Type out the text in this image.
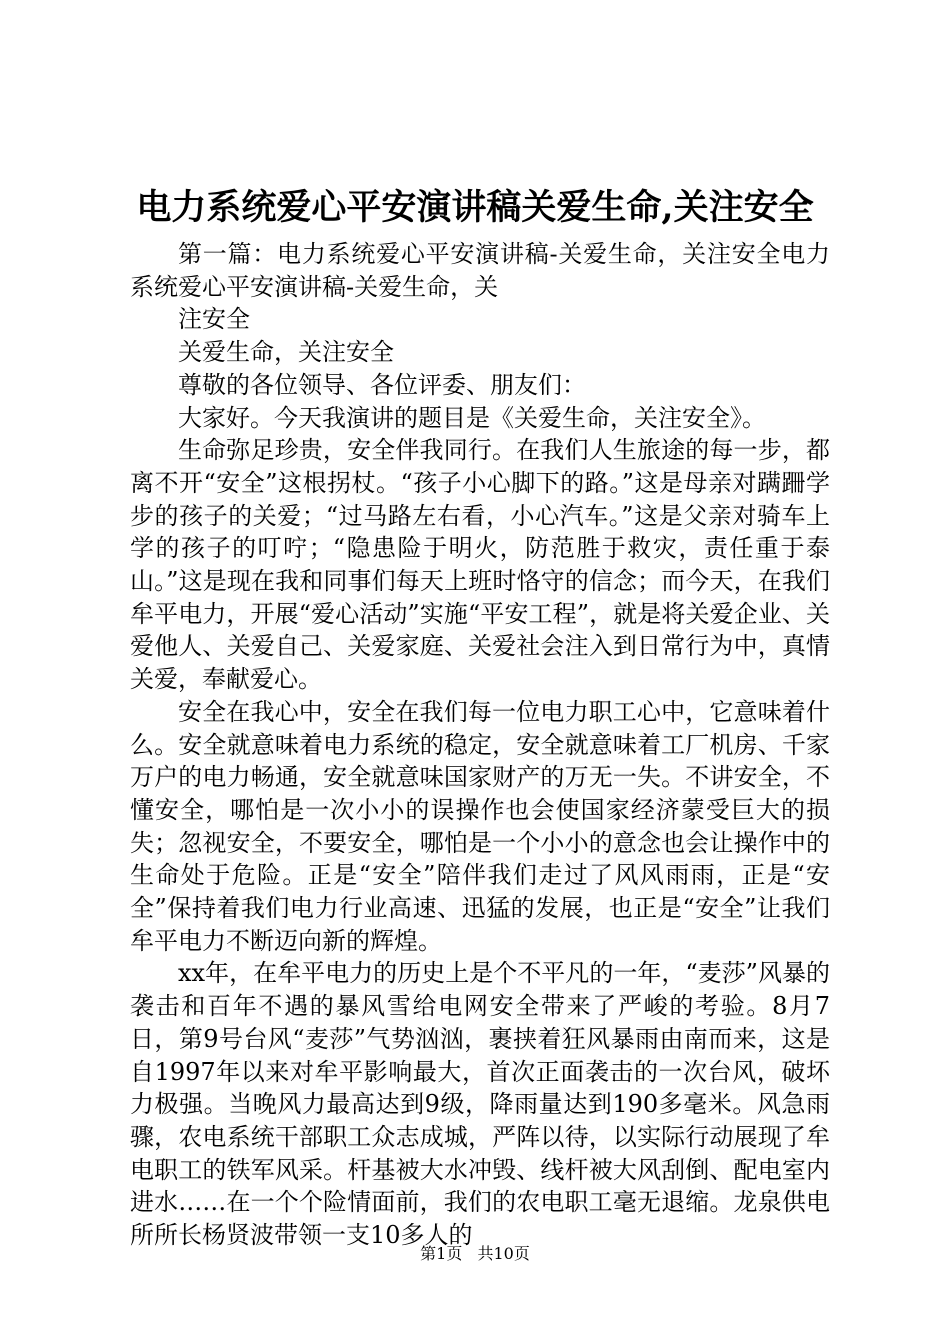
电力系统爱心平安演讲稿关爱生命,关注安全

第一篇：电力系统爱心平安演讲稿-关爱生命，关注安全电力系统爱心平安演讲稿-关爱生命，关

注安全

关爱生命，关注安全

尊敬的各位领导、各位评委、朋友们：

大家好。今天我演讲的题目是《关爱生命，关注安全》。

生命弥足珍贵，安全伴我同行。在我们人生旅途的每一步，都离不开“安全”这根拐杖。“孩子小心脚下的路。”这是母亲对蹒跚学步的孩子的关爱；“过马路左右看，小心汽车。”这是父亲对骑车上学的孩子的叮咛；“隐患险于明火，防范胜于救灾，责任重于泰山。”这是现在我和同事们每天上班时恪守的信念；而今天，在我们牟平电力，开展“爱心活动”实施“平安工程”，就是将关爱企业、关爱他人、关爱自己、关爱家庭、关爱社会注入到日常行为中，真情关爱，奉献爱心。

安全在我心中，安全在我们每一位电力职工心中，它意味着什么。安全就意味着电力系统的稳定，安全就意味着工厂机房、千家万户的电力畅通，安全就意味国家财产的万无一失。不讲安全，不懂安全，哪怕是一次小小的误操作也会使国家经济蒙受巨大的损失；忽视安全，不要安全，哪怕是一个小小的意念也会让操作中的生命处于危险。正是“安全”陪伴我们走过了风风雨雨，正是“安全”保持着我们电力行业高速、迅猛的发展，也正是“安全”让我们牟平电力不断迈向新的辉煌。

xx年，在牟平电力的历史上是个不平凡的一年，“麦莎”风暴的袭击和百年不遇的暴风雪给电网安全带来了严峻的考验。8月7日，第9号台风“麦莎”气势汹汹，裹挟着狂风暴雨由南而来，这是自1997年以来对牟平影响最大，首次正面袭击的一次台风，破坏力极强。当晚风力最高达到9级，降雨量达到190多毫米。风急雨骤，农电系统干部职工众志成城，严阵以待，以实际行动展现了牟电职工的铁军风采。杆基被大水冲毁、线杆被大风刮倒、配电室内进水……在一个个险情面前，我们的农电职工毫无退缩。龙泉供电所所长杨贤波带领一支10多人的

第1页 共10页
